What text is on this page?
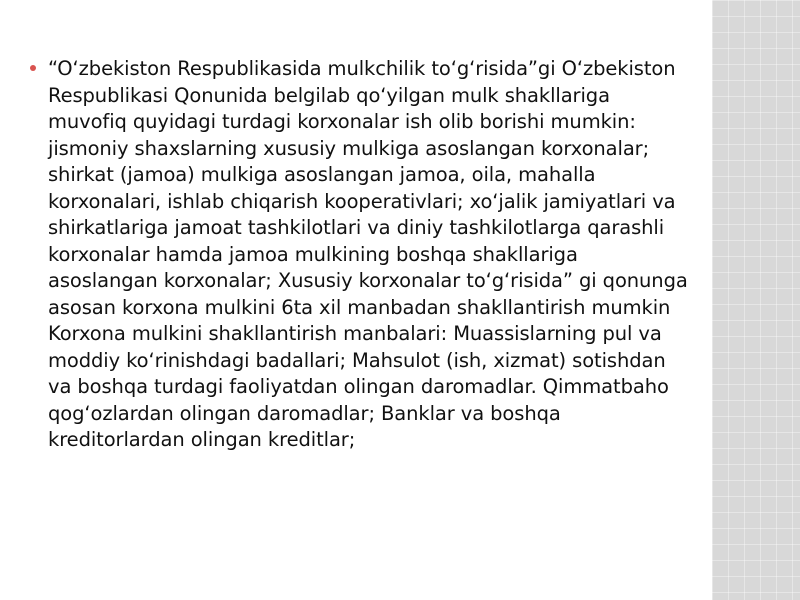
“O‘zbekiston Respublikasida mulkchilik to‘g‘risida”gi O‘zbekiston Respublikasi Qonunida belgilab qo‘yilgan mulk shakllariga muvofiq quyidagi turdagi korxonalar ish olib borishi mumkin: jismoniy shaxslarning xususiy mulkiga asoslangan korxonalar; shirkat (jamoa) mulkiga asoslangan jamoa, oila, mahalla korxonalari, ishlab chiqarish kooperativlari; xo‘jalik jamiyatlari va shirkatlariga jamoat tashkilotlari va diniy tashkilotlarga qarashli korxonalar hamda jamoa mulkining boshqa shakllariga asoslangan korxonalar; Xususiy korxonalar to‘g‘risida” gi qonunga asosan korxona mulkini 6ta xil manbadan shakllantirish mumkin Korxona mulkini shakllantirish manbalari: Muassislarning pul va moddiy ko‘rinishdagi badallari; Mahsulot (ish, xizmat) sotishdan va boshqa turdagi faoliyatdan olingan daromadlar. Qimmatbaho qog‘ozlardan olingan daromadlar; Banklar va boshqa kreditorlardan olingan kreditlar;
